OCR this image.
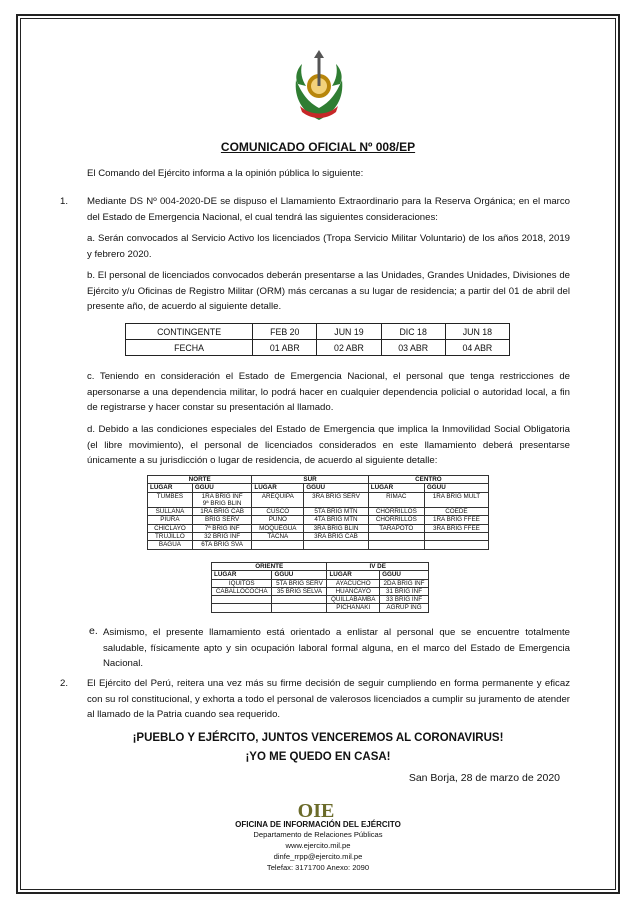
COMUNICADO OFICIAL Nº 008/EP
El Comando del Ejército informa a la opinión pública lo siguiente:
1. Mediante DS Nº 004-2020-DE se dispuso el Llamamiento Extraordinario para la Reserva Orgánica; en el marco del Estado de Emergencia Nacional, el cual tendrá las siguientes consideraciones:
a. Serán convocados al Servicio Activo los licenciados (Tropa Servicio Militar Voluntario) de los años 2018, 2019 y febrero 2020.
b. El personal de licenciados convocados deberán presentarse a las Unidades, Grandes Unidades, Divisiones de Ejército y/u Oficinas de Registro Militar (ORM) más cercanas a su lugar de residencia; a partir del 01 de abril del presente año, de acuerdo al siguiente detalle.
CONTINGENTE	FEB 20	JUN 19	DIC 18	JUN 18
FECHA	01 ABR	02 ABR	03 ABR	04 ABR
c. Teniendo en consideración el Estado de Emergencia Nacional, el personal que tenga restricciones de apersonarse a una dependencia militar, lo podrá hacer en cualquier dependencia policial o autoridad local, a fin de registrarse y hacer constar su presentación al llamado.
d. Debido a las condiciones especiales del Estado de Emergencia que implica la Inmovilidad Social Obligatoria (el libre movimiento), el personal de licenciados considerados en este llamamiento deberá presentarse únicamente a su jurisdicción o lugar de residencia, de acuerdo al siguiente detalle:
NORTE		SUR		CENTRO	
LUGAR	GGUU	LUGAR	GGUU	LUGAR	GGUU
TUMBES	1RA BRIG INF
9ª BRIG BLIN	AREQUIPA	3RA BRIG SERV	RIMAC	1RA BRIG MULT
SULLANA	1RA BRIG CAB	CUSCO	5TA BRIG MTN	CHORRILLOS	COEDE
PIURA	BRIG SERV	PUNO	4TA BRIG MTN	CHORRILLOS	1RA BRIG FFEE
CHICLAYO	7ª BRIG INF	MOQUEGUA	3RA BRIG BLIN	TARAPOTO	3RA BRIG FFEE
TRUJILLO	32 BRIG INF	TACNA	3RA BRIG CAB		
BAGUA	6TA BRIG SVA				
ORIENTE		IV DE	
LUGAR	GGUU	LUGAR	GGUU
IQUITOS	5TA BRIG SERV	AYACUCHO	2DA BRIG INF
CABALLOCOCHA	35 BRIG SELVA	HUANCAYO	31 BRIG INF
		QUILLABAMBA	33 BRIG INF
		PICHANAKI	AGRUP ING
e. Asimismo, el presente llamamiento está orientado a enlistar al personal que se encuentre totalmente saludable, físicamente apto y sin ocupación laboral formal alguna, en el marco del Estado de Emergencia Nacional.
2. El Ejército del Perú, reitera una vez más su firme decisión de seguir cumpliendo en forma permanente y eficaz con su rol constitucional, y exhorta a todo el personal de valerosos licenciados a cumplir su juramento de atender al llamado de la Patria cuando sea requerido.
¡PUEBLO Y EJÉRCITO, JUNTOS VENCEREMOS AL CORONAVIRUS!
¡YO ME QUEDO EN CASA!
San Borja, 28 de marzo de 2020
OIE
OFICINA DE INFORMACIÓN DEL EJÉRCITO
Departamento de Relaciones Públicas
www.ejercito.mil.pe
dinfe_rrpp@ejercito.mil.pe
Telefax: 3171700 Anexo: 2090
